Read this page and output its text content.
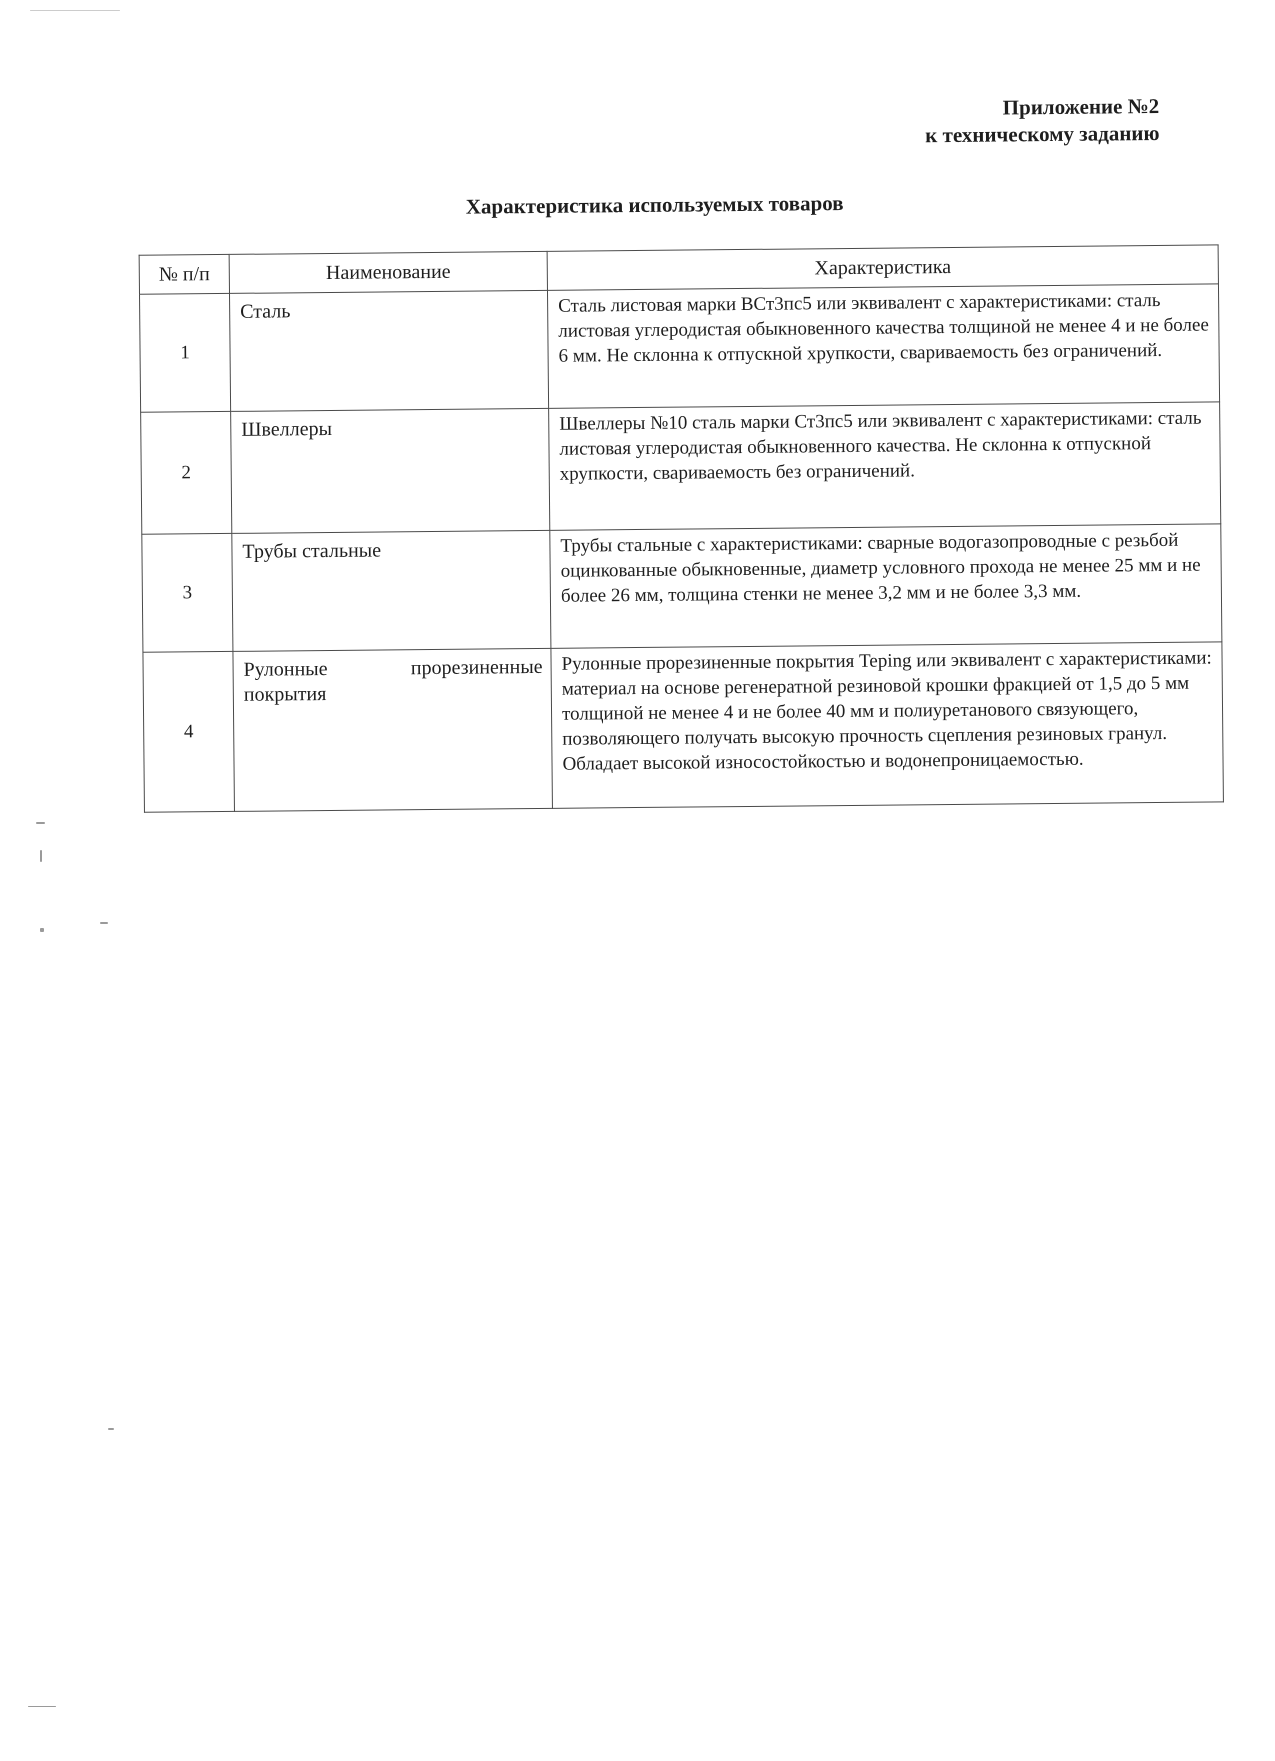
Приложение №2
к техническому заданию
Характеристика используемых товаров
№ п/п	Наименование	Характеристика
1	Сталь	Сталь листовая марки ВСт3пс5 или эквивалент с характеристиками: сталь листовая углеродистая обыкновенного качества толщиной не менее 4 и не более 6 мм. Не склонна к отпускной хрупкости, свариваемость без ограничений.
2	Швеллеры	Швеллеры №10 сталь марки Ст3пс5 или эквивалент с характеристиками: сталь листовая углеродистая обыкновенного качества. Не склонна к отпускной хрупкости, свариваемость без ограничений.
3	Трубы стальные	Трубы стальные с характеристиками: сварные водогазопроводные с резьбой оцинкованные обыкновенные, диаметр условного прохода не менее 25 мм и не более 26 мм, толщина стенки не менее 3,2 мм и не более 3,3 мм.
4	Рулонные прорезиненные покрытия	Рулонные прорезиненные покрытия Teping или эквивалент с характеристиками: материал на основе регенератной резиновой крошки фракцией от 1,5 до 5 мм толщиной не менее 4 и не более 40 мм и полиуретанового связующего, позволяющего получать высокую прочность сцепления резиновых гранул. Обладает высокой износостойкостью и водонепроницаемостью.
